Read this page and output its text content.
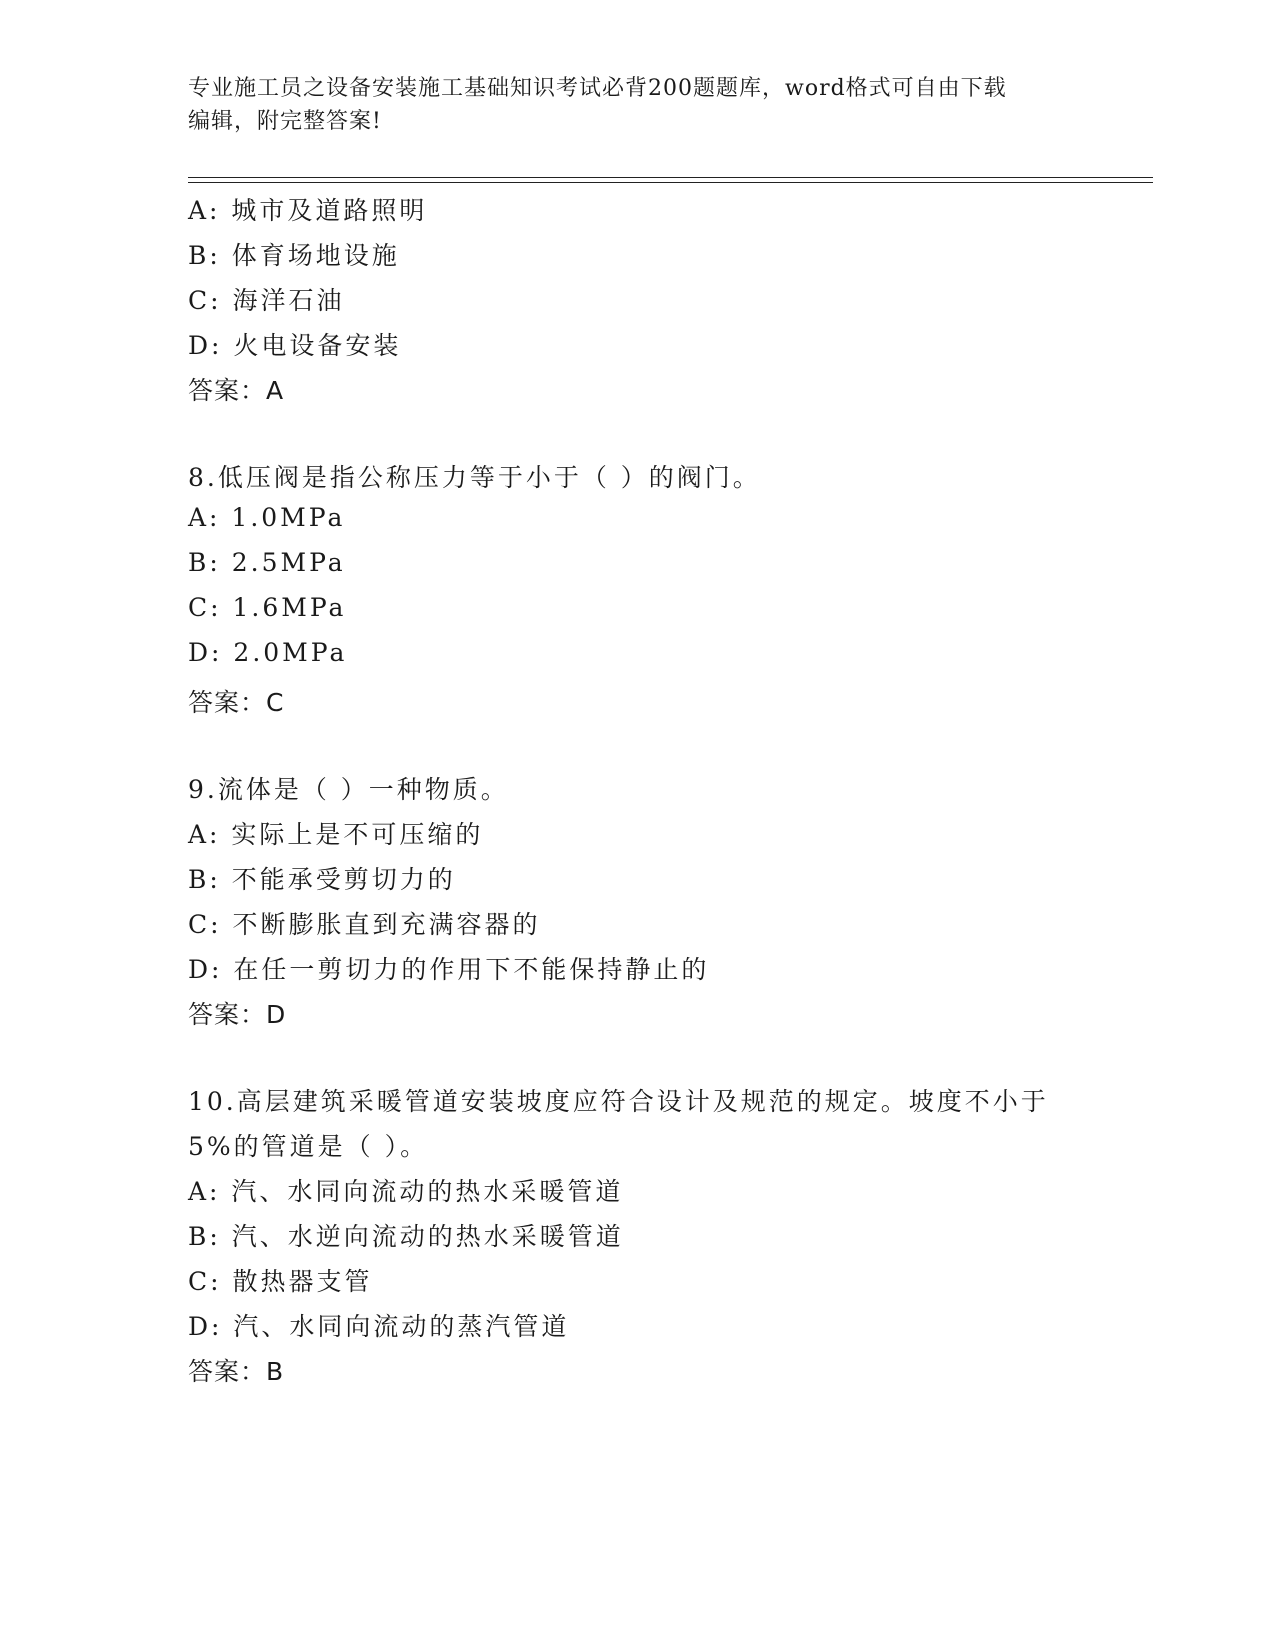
专业施工员之设备安装施工基础知识考试必背200题题库，word格式可自由下载
编辑，附完整答案!
A: 城市及道路照明
B: 体育场地设施
C: 海洋石油
D: 火电设备安装
答案：A
8.低压阀是指公称压力等于小于（ ）的阀门。
A: 1.0MPa
B: 2.5MPa
C: 1.6MPa
D: 2.0MPa
答案：C
9.流体是（ ）一种物质。
A: 实际上是不可压缩的
B: 不能承受剪切力的
C: 不断膨胀直到充满容器的
D: 在任一剪切力的作用下不能保持静止的
答案：D
10.高层建筑采暖管道安装坡度应符合设计及规范的规定。坡度不小于
5%的管道是（ ）。
A: 汽、水同向流动的热水采暖管道
B: 汽、水逆向流动的热水采暖管道
C: 散热器支管
D: 汽、水同向流动的蒸汽管道
答案：B
